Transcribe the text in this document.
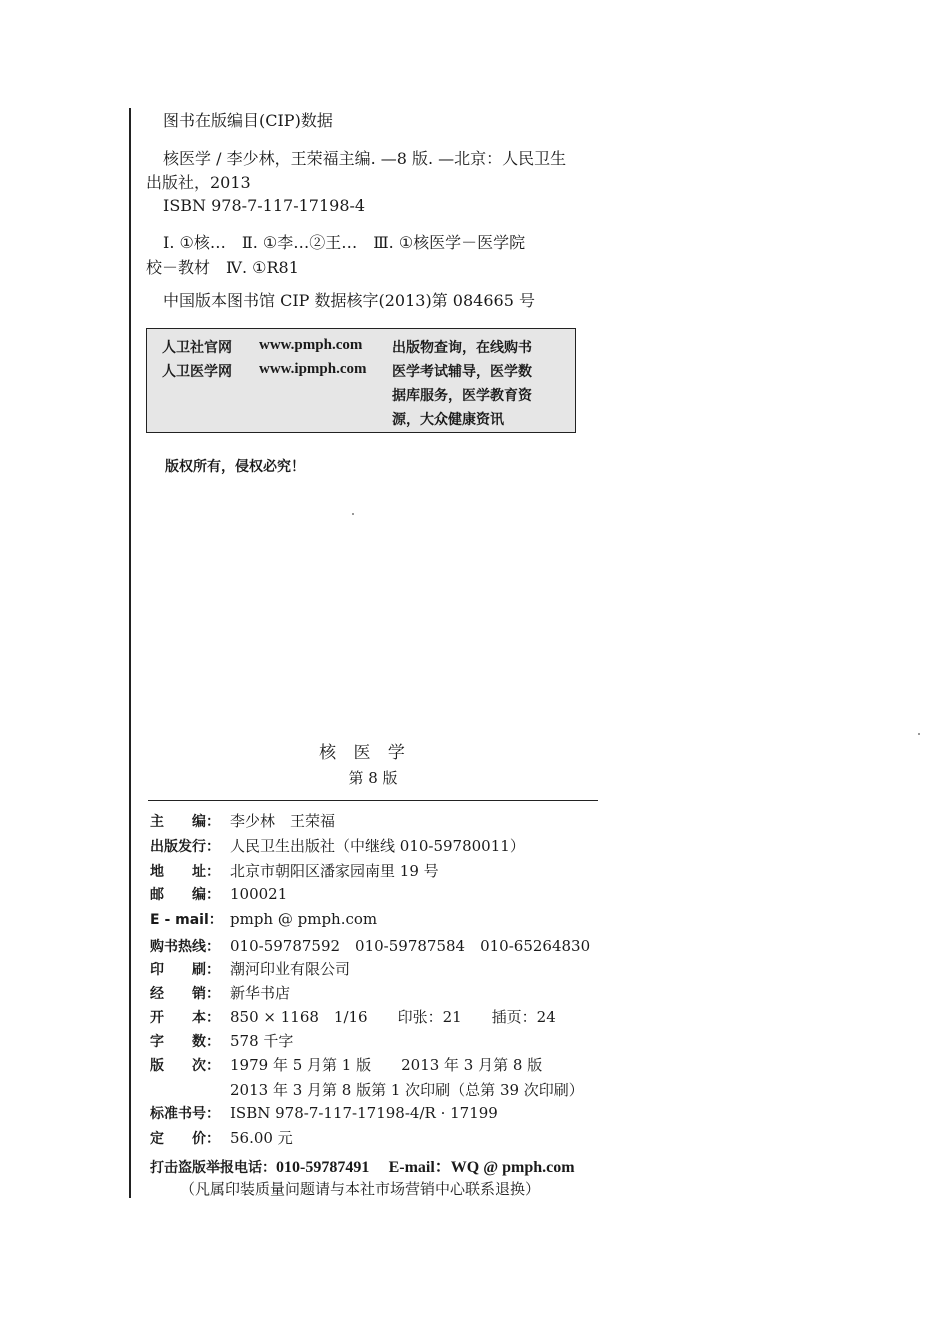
图书在版编目(CIP)数据
核医学 / 李少林，王荣福主编. —8 版. —北京：人民卫生
出版社，2013
ISBN 978-7-117-17198-4
Ⅰ. ①核…　Ⅱ. ①李…②王…　Ⅲ. ①核医学－医学院
校－教材　Ⅳ. ①R81
中国版本图书馆 CIP 数据核字(2013)第 084665 号
人卫社官网 www.pmph.com
人卫医学网 www.ipmph.com
出版物查询，在线购书
医学考试辅导，医学数
据库服务，医学教育资
源，大众健康资讯
版权所有，侵权必究！
核 医 学
第 8 版
主　　编： 李少林　王荣福
出版发行： 人民卫生出版社（中继线 010-59780011）
地　　址： 北京市朝阳区潘家园南里 19 号
邮　　编： 100021
E - mail： pmph @ pmph.com
购书热线： 010-59787592　010-59787584　010-65264830
印　　刷： 潮河印业有限公司
经　　销： 新华书店
开　　本： 850 × 1168　1/16　　印张：21　　插页：24
字　　数： 578 千字
版　　次： 1979 年 5 月第 1 版　　2013 年 3 月第 8 版
2013 年 3 月第 8 版第 1 次印刷（总第 39 次印刷）
标准书号： ISBN 978-7-117-17198-4/R · 17199
定　　价： 56.00 元
打击盗版举报电话：010-59787491 E-mail：WQ @ pmph.com
（凡属印装质量问题请与本社市场营销中心联系退换）
